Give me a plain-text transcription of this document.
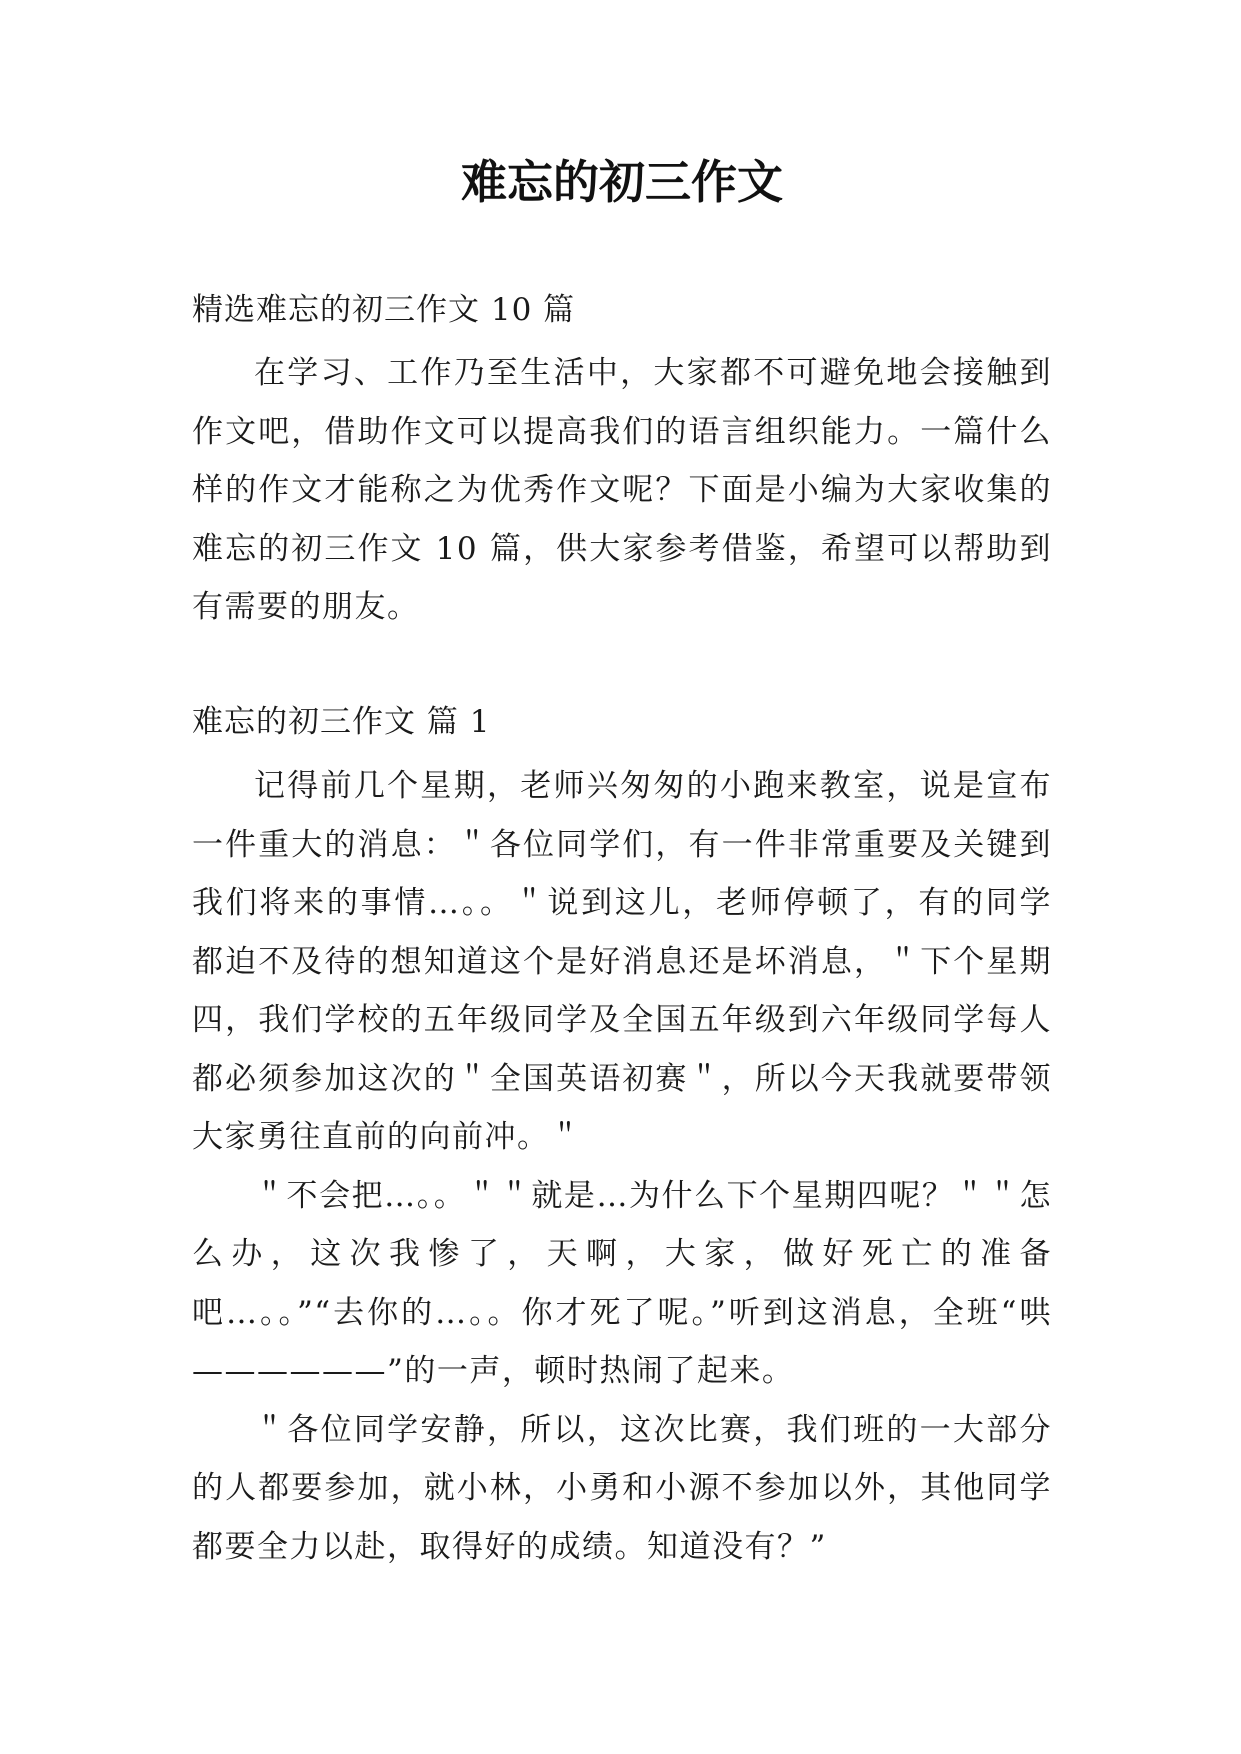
难忘的初三作文

精选难忘的初三作文 10 篇

在学习、工作乃至生活中，大家都不可避免地会接触到作文吧，借助作文可以提高我们的语言组织能力。一篇什么样的作文才能称之为优秀作文呢？下面是小编为大家收集的难忘的初三作文 10 篇，供大家参考借鉴，希望可以帮助到有需要的朋友。

难忘的初三作文 篇 1

记得前几个星期，老师兴匆匆的小跑来教室，说是宣布一件重大的消息：＂各位同学们，有一件非常重要及关键到我们将来的事情…。。＂说到这儿，老师停顿了，有的同学都迫不及待的想知道这个是好消息还是坏消息，＂下个星期四，我们学校的五年级同学及全国五年级到六年级同学每人都必须参加这次的＂全国英语初赛＂，所以今天我就要带领大家勇往直前的向前冲。＂

＂不会把…。。＂＂就是…为什么下个星期四呢？＂＂怎么办，这次我惨了，天啊，大家，做好死亡的准备吧…。。”“去你的…。。你才死了呢。”听到这消息，全班“哄——————”的一声，顿时热闹了起来。

＂各位同学安静，所以，这次比赛，我们班的一大部分的人都要参加，就小林，小勇和小源不参加以外，其他同学都要全力以赴，取得好的成绩。知道没有？”
